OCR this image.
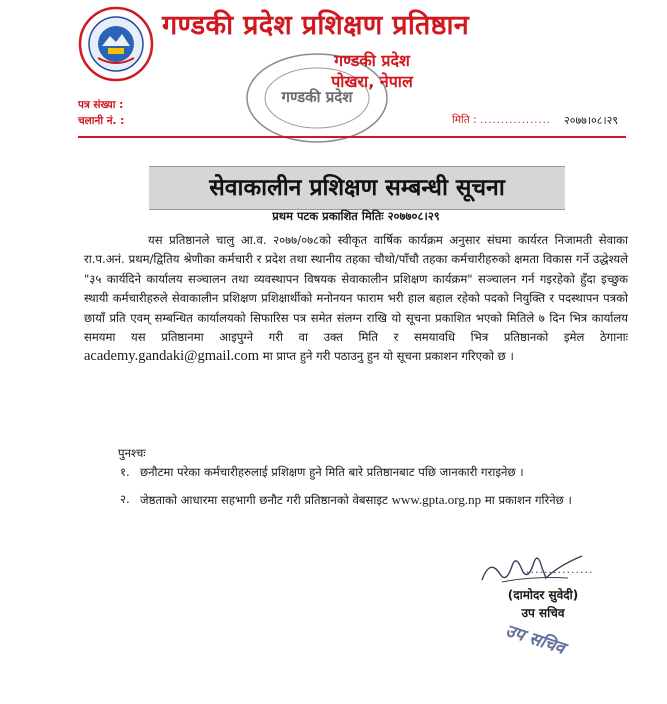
गण्डकी प्रदेश प्रशिक्षण प्रतिष्ठान
गण्डकी प्रदेश
गण्डकी प्रदेश
पोखरा, नेपाल
पत्र संख्या :
चलानी नं. :	मिति : ................. २०७७।०८।२९
सेवाकालीन प्रशिक्षण सम्बन्धी सूचना
प्रथम पटक प्रकाशित मितिः २०७७०८।२९
यस प्रतिष्ठानले चालु आ.व. २०७७/०७८को स्वीकृत वार्षिक कार्यक्रम अनुसार संघमा कार्यरत निजामती सेवाका रा.प.अनं. प्रथम/द्वितिय श्रेणीका कर्मचारी र प्रदेश तथा स्थानीय तहका चौथो/पाँचौ तहका कर्मचारीहरुको क्षमता विकास गर्ने उद्धेश्यले "३५ कार्यदिने कार्यालय सञ्चालन तथा व्यवस्थापन विषयक सेवाकालीन प्रशिक्षण कार्यक्रम" सञ्चालन गर्न गइरहेको हुँदा इच्छुक स्थायी कर्मचारीहरुले सेवाकालीन प्रशिक्षण प्रशिक्षार्थीको मनोनयन फाराम भरी हाल बहाल रहेको पदको नियुक्ति र पदस्थापन पत्रको छायाँ प्रति एवम् सम्बन्धित कार्यालयको सिफारिस पत्र समेत संलग्न राखि यो सूचना प्रकाशित भएको मितिले ७ दिन भित्र कार्यालय समयमा यस प्रतिष्ठानमा आइपुग्ने गरी वा उक्त मिति र समयावधि भित्र प्रतिष्ठानको इमेल ठेगानाः academy.gandaki@gmail.com मा प्राप्त हुने गरी पठाउनु हुन यो सूचना प्रकाशन गरिएको छ ।
पुनश्चः
१. छनौटमा परेका कर्मचारीहरुलाई प्रशिक्षण हुने मिति बारे प्रतिष्ठानबाट पछि जानकारी गराइनेछ ।
२. जेष्ठताको आधारमा सहभागी छनौट गरी प्रतिष्ठानको वेबसाइट www.gpta.org.np मा प्रकाशन गरिनेछ ।
...............
(दामोदर सुवेदी)
उप सचिव
उप सचिव
